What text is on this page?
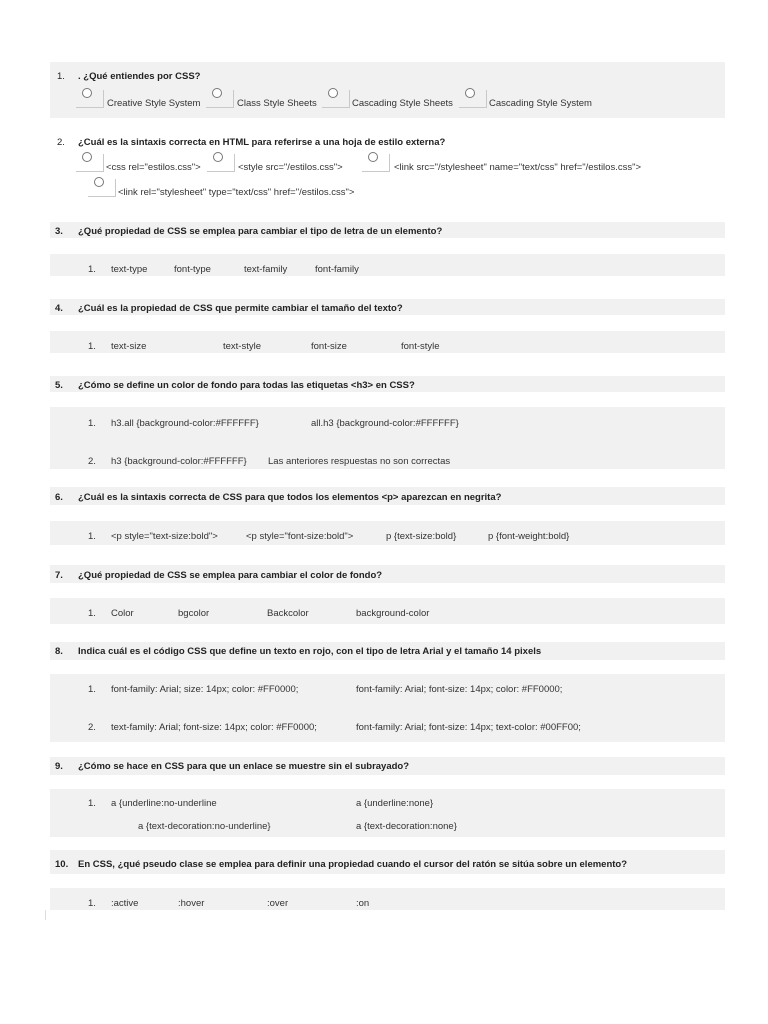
1. . ¿Qué entiendes por CSS?
Creative Style System	Class Style Sheets	Cascading Style Sheets	Cascading Style System
2. ¿Cuál es la sintaxis correcta en HTML para referirse a una hoja de estilo externa?
<css rel="estilos.css">	<style src="/estilos.css">	<link src="/stylesheet" name="text/css" href="/estilos.css">
<link rel="stylesheet" type="text/css" href="/estilos.css">
3. ¿Qué propiedad de CSS se emplea para cambiar el tipo de letra de un elemento?
1. text-type	font-type	text-family	font-family
4. ¿Cuál es la propiedad de CSS que permite cambiar el tamaño del texto?
1. text-size	text-style	font-size	font-style
5. ¿Cómo se define un color de fondo para todas las etiquetas <h3> en CSS?
1. h3.all {background-color:#FFFFFF}	all.h3 {background-color:#FFFFFF}
2. h3 {background-color:#FFFFFF} Las anteriores respuestas no son correctas
6. ¿Cuál es la sintaxis correcta de CSS para que todos los elementos <p> aparezcan en negrita?
1. <p style="text-size:bold">	<p style="font-size:bold">	p {text-size:bold}	p {font-weight:bold}
7. ¿Qué propiedad de CSS se emplea para cambiar el color de fondo?
1. Color	bgcolor	Backcolor	background-color
8. Indica cuál es el código CSS que define un texto en rojo, con el tipo de letra Arial y el tamaño 14 pixels
1. font-family: Arial; size: 14px; color: #FF0000;	font-family: Arial; font-size: 14px; color: #FF0000;
2. text-family: Arial; font-size: 14px; color: #FF0000;	font-family: Arial; font-size: 14px; text-color: #00FF00;
9. ¿Cómo se hace en CSS para que un enlace se muestre sin el subrayado?
1. a {underline:no-underline	a {underline:none}
a {text-decoration:no-underline}	a {text-decoration:none}
10. En CSS, ¿qué pseudo clase se emplea para definir una propiedad cuando el cursor del ratón se sitúa sobre un elemento?
1. :active	:hover	:over	:on
